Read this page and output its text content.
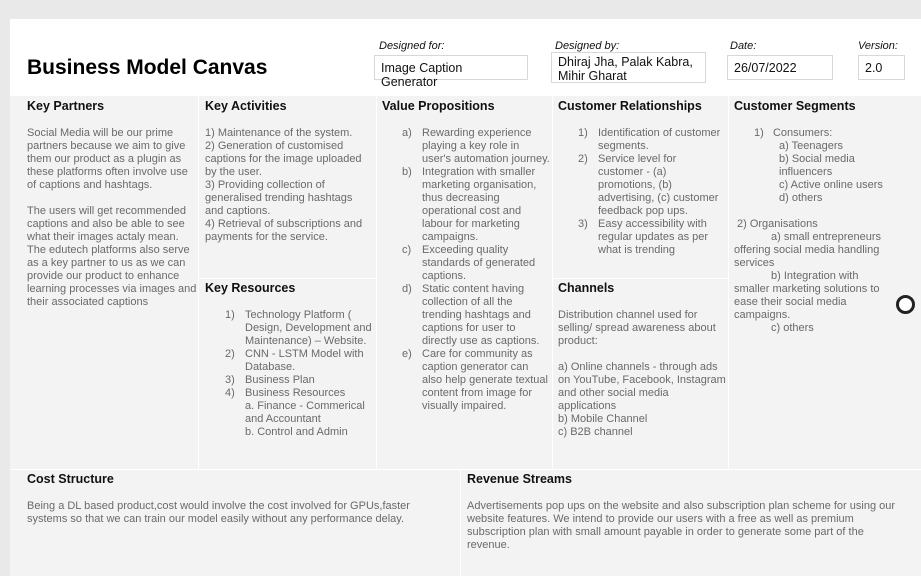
Business Model Canvas
Designed for:
Image Caption Generator
Designed by:
Dhiraj Jha, Palak Kabra,
Mihir Gharat
Date:
26/07/2022
Version:
2.0
Key Partners

Social Media will be our prime partners because we aim to give them our product as a plugin as these platforms often involve use of captions and hashtags.

The users will get recommended captions and also be able to see what their images actaly mean. The edutech platforms also serve as a key partner to us as we can provide our product to enhance learning processes via images and their associated captions

Key Activities

1) Maintenance of the system.

2) Generation of customised captions for the image uploaded by the user.

3) Providing collection of generalised trending hashtags and captions.

4) Retrieval of subscriptions and payments for the service.

Key Resources
1) Technology Platform ( Design, Development and Maintenance) – Website.
2) CNN - LSTM Model with Database.
3) Business Plan
4) Business Resources

a. Finance - Commerical and Accountant

b. Control and Admin

Value Propositions
a) Rewarding experience playing a key role in user's automation journey.
b) Integration with smaller marketing organisation, thus decreasing operational cost and labour for marketing campaigns.
c) Exceeding quality standards of generated captions.
d) Static content having collection of all the trending hashtags and captions for user to directly use as captions.
e) Care for community as caption generator can also help generate textual content from image for visually impaired.
Customer Relationships
1) Identification of customer segments.
2) Service level for customer - (a) promotions, (b) advertising, (c) customer feedback pop ups.
3) Easy accessibility with regular updates as per what is trending
Channels

Distribution channel used for selling/ spread awareness about product:

a) Online channels - through ads on YouTube, Facebook, Instagram and other social media applications

b) Mobile Channel

c) B2B channel

Customer Segments

1) Consumers:

a) Teenagers

b) Social media influencers

c) Active online users

d) others

2) Organisations

a) small entrepreneurs offering social media handling services

b) Integration with smaller marketing solutions to ease their social media campaigns.

c) others

Cost Structure
Being a DL based product,cost would involve the cost involved for GPUs,faster systems so that we can train our model easily without any performance delay.
Revenue Streams
Advertisements pop ups on the website and also subscription plan scheme for using our website features. We intend to provide our users with a free as well as premium subscription plan with small amount payable in order to generate some part of the revenue.
